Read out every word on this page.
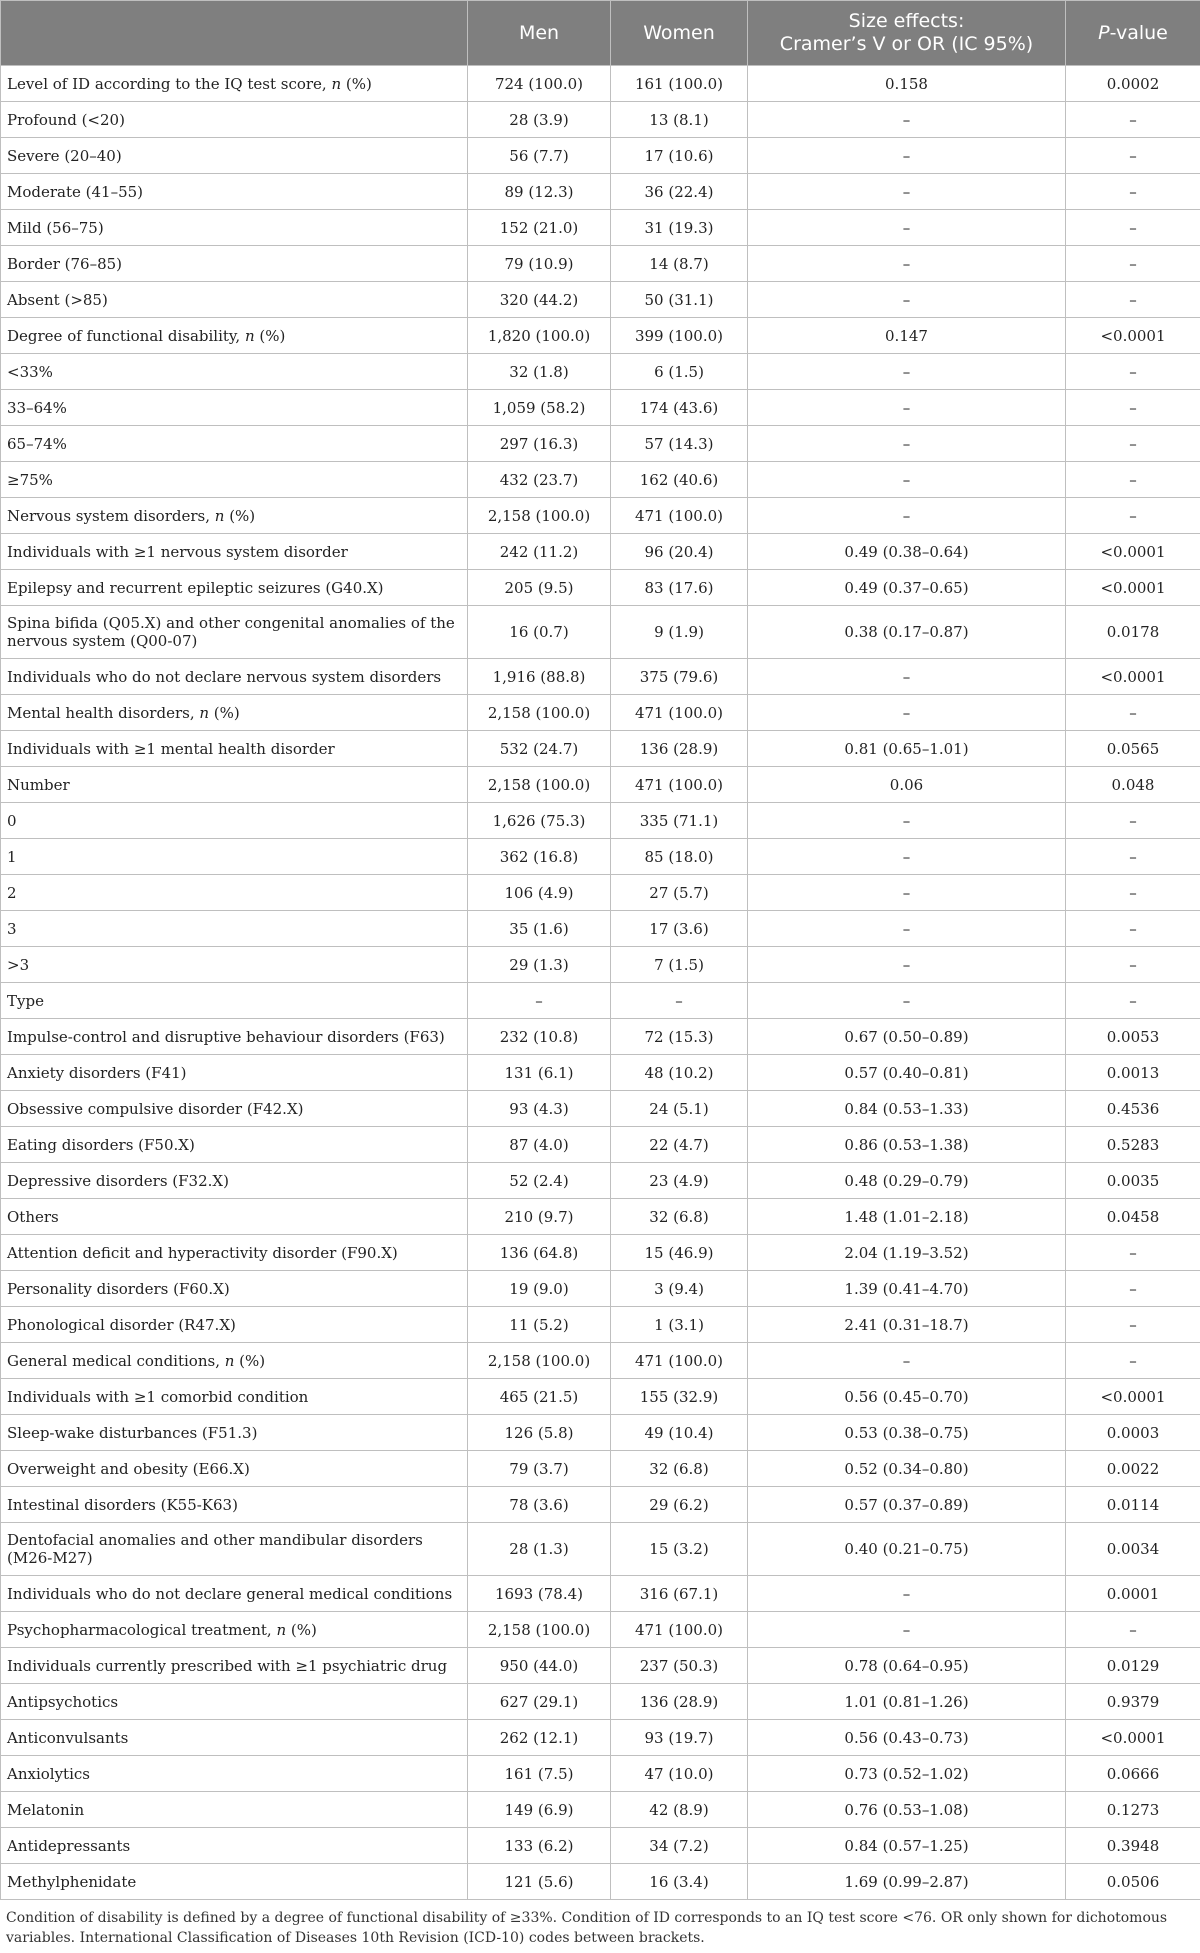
	Men	Women	Size effects:
Cramer’s V or OR (IC 95%)	P-value
Level of ID according to the IQ test score, n (%)	724 (100.0)	161 (100.0)	0.158	0.0002
Profound (<20)	28 (3.9)	13 (8.1)	–	–
Severe (20–40)	56 (7.7)	17 (10.6)	–	–
Moderate (41–55)	89 (12.3)	36 (22.4)	–	–
Mild (56–75)	152 (21.0)	31 (19.3)	–	–
Border (76–85)	79 (10.9)	14 (8.7)	–	–
Absent (>85)	320 (44.2)	50 (31.1)	–	–
Degree of functional disability, n (%)	1,820 (100.0)	399 (100.0)	0.147	<0.0001
<33%	32 (1.8)	6 (1.5)	–	–
33–64%	1,059 (58.2)	174 (43.6)	–	–
65–74%	297 (16.3)	57 (14.3)	–	–
≥75%	432 (23.7)	162 (40.6)	–	–
Nervous system disorders, n (%)	2,158 (100.0)	471 (100.0)	–	–
Individuals with ≥1 nervous system disorder	242 (11.2)	96 (20.4)	0.49 (0.38–0.64)	<0.0001
Epilepsy and recurrent epileptic seizures (G40.X)	205 (9.5)	83 (17.6)	0.49 (0.37–0.65)	<0.0001
Spina bifida (Q05.X) and other congenital anomalies of the nervous system (Q00-07)	16 (0.7)	9 (1.9)	0.38 (0.17–0.87)	0.0178
Individuals who do not declare nervous system disorders	1,916 (88.8)	375 (79.6)	–	<0.0001
Mental health disorders, n (%)	2,158 (100.0)	471 (100.0)	–	–
Individuals with ≥1 mental health disorder	532 (24.7)	136 (28.9)	0.81 (0.65–1.01)	0.0565
Number	2,158 (100.0)	471 (100.0)	0.06	0.048
0	1,626 (75.3)	335 (71.1)	–	–
1	362 (16.8)	85 (18.0)	–	–
2	106 (4.9)	27 (5.7)	–	–
3	35 (1.6)	17 (3.6)	–	–
>3	29 (1.3)	7 (1.5)	–	–
Type	–	–	–	–
Impulse-control and disruptive behaviour disorders (F63)	232 (10.8)	72 (15.3)	0.67 (0.50–0.89)	0.0053
Anxiety disorders (F41)	131 (6.1)	48 (10.2)	0.57 (0.40–0.81)	0.0013
Obsessive compulsive disorder (F42.X)	93 (4.3)	24 (5.1)	0.84 (0.53–1.33)	0.4536
Eating disorders (F50.X)	87 (4.0)	22 (4.7)	0.86 (0.53–1.38)	0.5283
Depressive disorders (F32.X)	52 (2.4)	23 (4.9)	0.48 (0.29–0.79)	0.0035
Others	210 (9.7)	32 (6.8)	1.48 (1.01–2.18)	0.0458
Attention deficit and hyperactivity disorder (F90.X)	136 (64.8)	15 (46.9)	2.04 (1.19–3.52)	–
Personality disorders (F60.X)	19 (9.0)	3 (9.4)	1.39 (0.41–4.70)	–
Phonological disorder (R47.X)	11 (5.2)	1 (3.1)	2.41 (0.31–18.7)	–
General medical conditions, n (%)	2,158 (100.0)	471 (100.0)	–	–
Individuals with ≥1 comorbid condition	465 (21.5)	155 (32.9)	0.56 (0.45–0.70)	<0.0001
Sleep-wake disturbances (F51.3)	126 (5.8)	49 (10.4)	0.53 (0.38–0.75)	0.0003
Overweight and obesity (E66.X)	79 (3.7)	32 (6.8)	0.52 (0.34–0.80)	0.0022
Intestinal disorders (K55-K63)	78 (3.6)	29 (6.2)	0.57 (0.37–0.89)	0.0114
Dentofacial anomalies and other mandibular disorders (M26-M27)	28 (1.3)	15 (3.2)	0.40 (0.21–0.75)	0.0034
Individuals who do not declare general medical conditions	1693 (78.4)	316 (67.1)	–	0.0001
Psychopharmacological treatment, n (%)	2,158 (100.0)	471 (100.0)	–	–
Individuals currently prescribed with ≥1 psychiatric drug	950 (44.0)	237 (50.3)	0.78 (0.64–0.95)	0.0129
Antipsychotics	627 (29.1)	136 (28.9)	1.01 (0.81–1.26)	0.9379
Anticonvulsants	262 (12.1)	93 (19.7)	0.56 (0.43–0.73)	<0.0001
Anxiolytics	161 (7.5)	47 (10.0)	0.73 (0.52–1.02)	0.0666
Melatonin	149 (6.9)	42 (8.9)	0.76 (0.53–1.08)	0.1273
Antidepressants	133 (6.2)	34 (7.2)	0.84 (0.57–1.25)	0.3948
Methylphenidate	121 (5.6)	16 (3.4)	1.69 (0.99–2.87)	0.0506
Condition of disability is defined by a degree of functional disability of ≥33%. Condition of ID corresponds to an IQ test score <76. OR only shown for dichotomous variables. International Classification of Diseases 10th Revision (ICD-10) codes between brackets.
